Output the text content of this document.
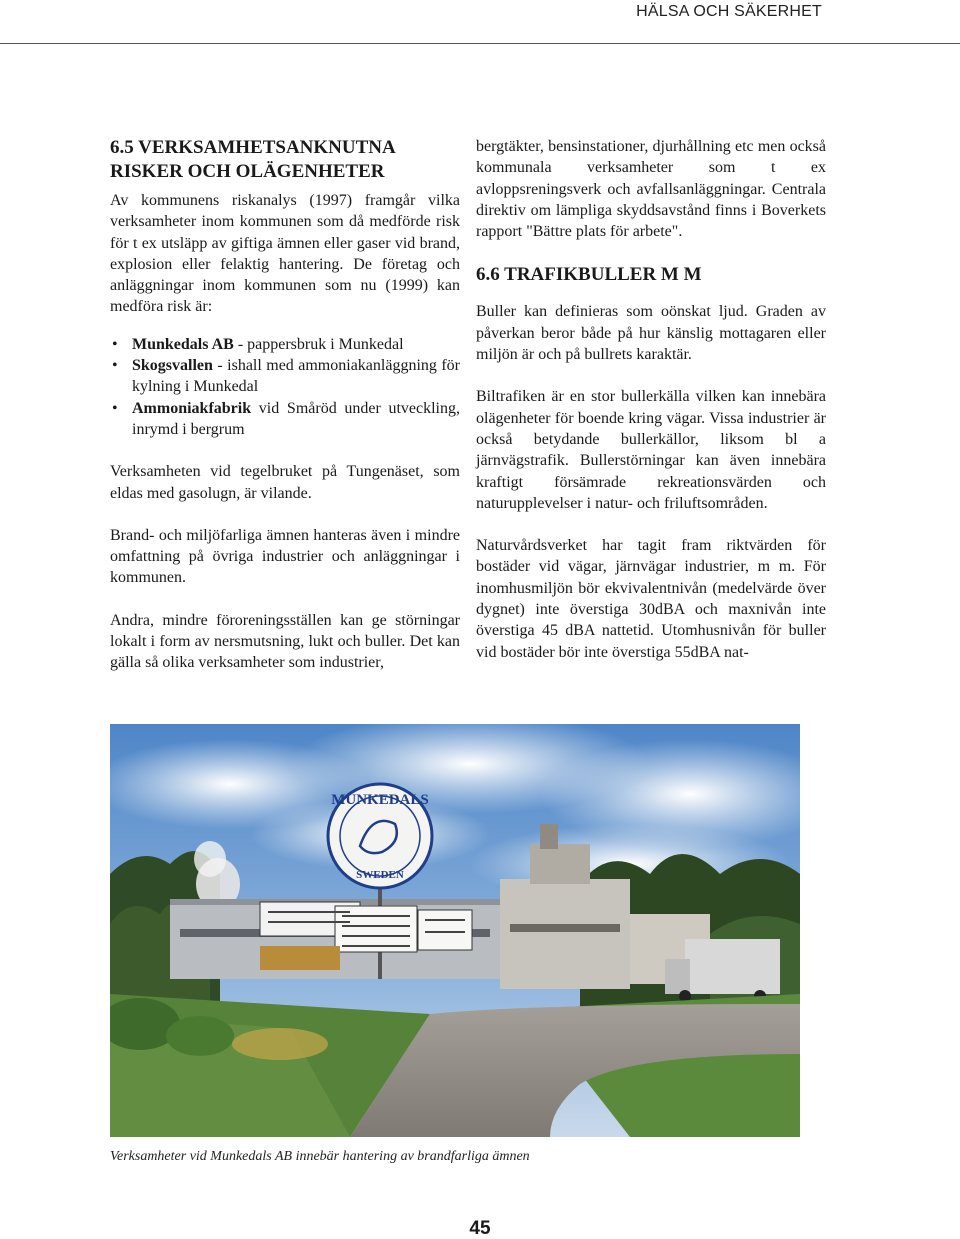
HÄLSA OCH SÄKERHET
6.5 VERKSAMHETSANKNUTNA
RISKER OCH OLÄGENHETER

Av kommunens riskanalys (1997) framgår vilka verksamheter inom kommunen som då medförde risk för t ex utsläpp av giftiga ämnen eller gaser vid brand, explosion eller felaktig hantering. De företag och anläggningar inom kommunen som nu (1999) kan medföra risk är:

• Munkedals AB - pappersbruk i Munkedal
• Skogsvallen - ishall med ammoniakanläggning för kylning i Munkedal
• Ammoniakfabrik vid Småröd under utveckling, inrymd i bergrum

Verksamheten vid tegelbruket på Tungenäset, som eldas med gasolugn, är vilande.

Brand- och miljöfarliga ämnen hanteras även i mindre omfattning på övriga industrier och anläggningar i kommunen.

Andra, mindre föroreningsställen kan ge störningar lokalt i form av nersmutsning, lukt och buller. Det kan gälla så olika verksamheter som industrier,

bergtäkter, bensinstationer, djurhållning etc men också kommunala verksamheter som t ex avloppsreningsverk och avfallsanläggningar. Centrala direktiv om lämpliga skyddsavstånd finns i Boverkets rapport "Bättre plats för arbete".

6.6 TRAFIKBULLER M M

Buller kan definieras som oönskat ljud. Graden av påverkan beror både på hur känslig mottagaren eller miljön är och på bullrets karaktär.

Biltrafiken är en stor bullerkälla vilken kan innebära olägenheter för boende kring vägar. Vissa industrier är också betydande bullerkällor, liksom bl a järnvägstrafik. Bullerstörningar kan även innebära kraftigt försämrade rekreationsvärden och naturupplevelser i natur- och friluftsområden.

Naturvårdsverket har tagit fram riktvärden för bostäder vid vägar, järnvägar industrier, m m. För inomhusmiljön bör ekvivalentnivån (medelvärde över dygnet) inte överstiga 30dBA och maxnivån inte överstiga 45 dBA nattetid. Utomhusnivån för buller vid bostäder bör inte överstiga 55dBA nat-

MUNKEDALS
SWEDEN
Verksamheter vid Munkedals AB innebär hantering av brandfarliga ämnen
45
